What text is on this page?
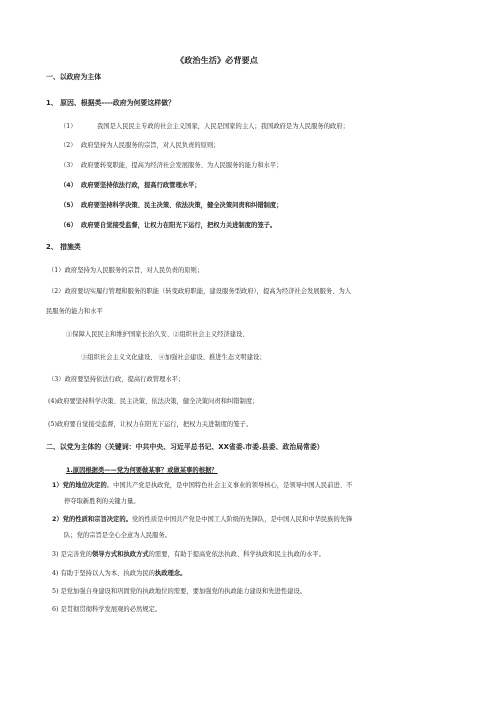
《政治生活》必背要点
一、以政府为主体
1、 原因、根据类----政府为何要这样做？
（1）	我国是人民民主专政的社会主义国家，人民是国家的主人；我国政府是为人民服务的政府；
（2） 政府坚持为人民服务的宗旨，对人民负责的原则；
（3） 政府要转变职能，提高为经济社会发展服务、为人民服务的能力和水平；
（4） 政府要坚持依法行政，提高行政管理水平；
（5） 政府要坚持科学决策、民主决策、依法决策，健全决策问责和纠错制度；
（6） 政府要自觉接受监督，让权力在阳光下运行，把权力关进制度的笼子。
2、 措施类
（1）政府坚持为人民服务的宗旨，对人民负责的原则；
（2）政府要切实履行管理和服务的职能（转变政府职能，建设服务型政府），提高为经济社会发展服务、为人
民服务的能力和水平
①保障人民民主和维护国家长治久安、②组织社会主义经济建设、
③组织社会主义文化建设、 ④加强社会建设、推进生态文明建设；
（3）政府要坚持依法行政，提高行政管理水平；
(4)政府要坚持科学决策、民主决策、依法决策，健全决策问责和纠错制度；
(5)政府要自觉接受监督，让权力在阳光下运行，把权力关进制度的笼子。
二、以党为主体的（关键词：中共中央、习近平总书记、XX省委.市委.县委、政治局常委）
1.原因根据类——党为何要做某事？或做某事的根据？
1）党的地位决定的。中国共产党是执政党，是中国特色社会主义事业的领导核心，是领导中国人民前进、不
停夺取新胜利的关键力量。
2）党的性质和宗旨决定的。党的性质是中国共产党是中国工人阶级的先锋队，是中国人民和中华民族的先锋
队；党的宗旨是全心全意为人民服务。
3) 是完善党的领导方式和执政方式的需要，有助于提高党依法执政、科学执政和民主执政的水平。
4) 有助于坚持以人为本、执政为民的执政理念。
5) 是党加强自身建设和巩固党的执政地位的需要，要加强党的执政能力建设和先进性建设。
6) 是贯彻贯彻科学发展观的必然规定。
